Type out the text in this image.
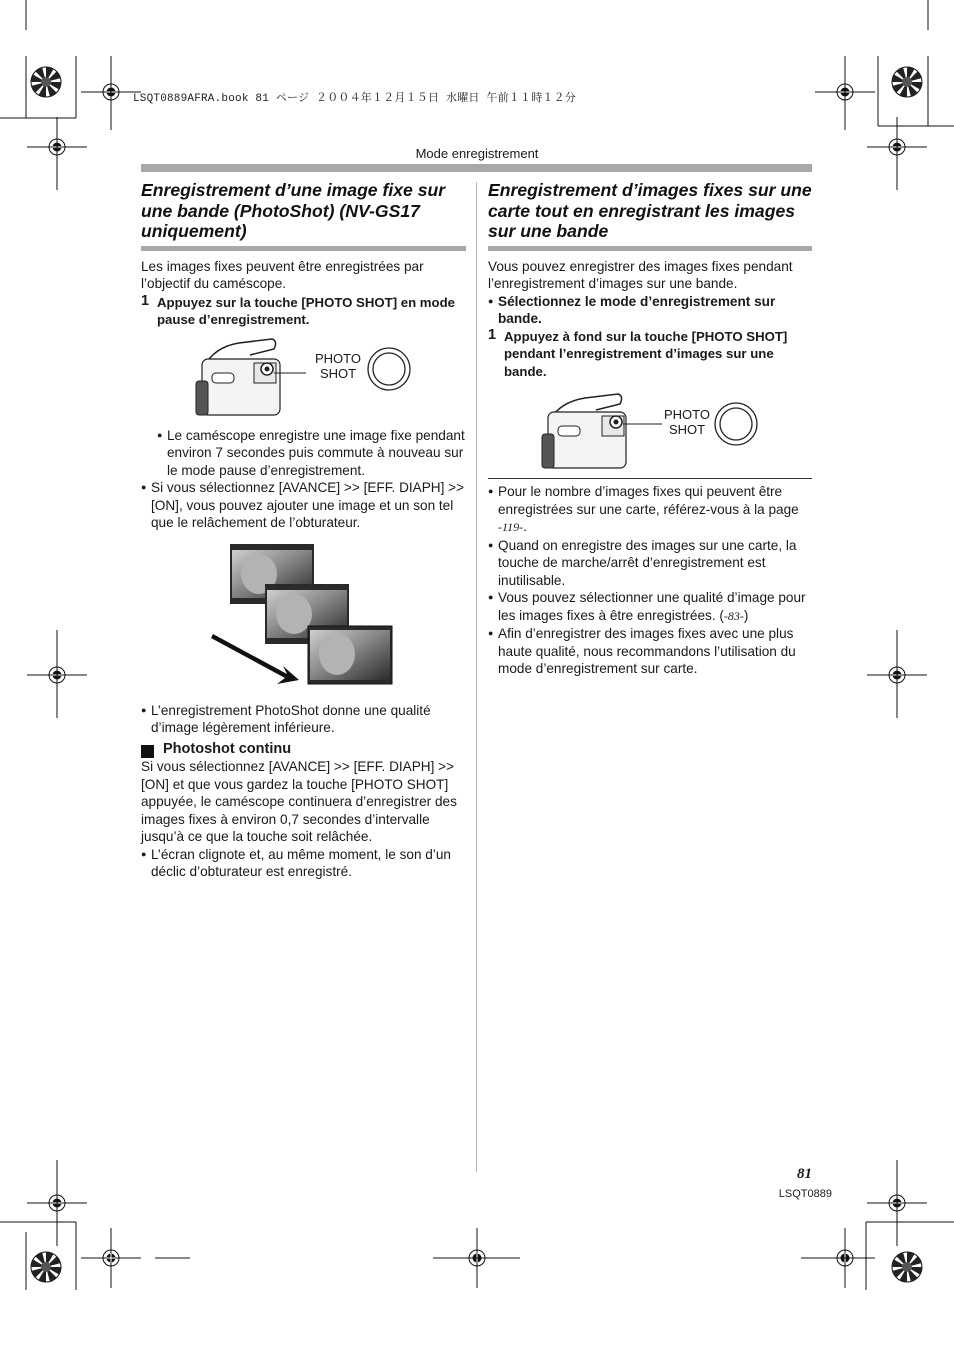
LSQT0889AFRA.book 81 ページ ２００４年１２月１５日 水曜日 午前１１時１２分
Mode enregistrement
Enregistrement d’une image fixe sur une bande (PhotoShot) (NV-GS17 uniquement)

Les images fixes peuvent être enregistrées par l’objectif du caméscope.

1 Appuyez sur la touche [PHOTO SHOT] en mode pause d’enregistrement.
PHOTO
SHOT
● Le caméscope enregistre une image fixe pendant environ 7 secondes puis commute à nouveau sur le mode pause d’enregistrement.
● Si vous sélectionnez [AVANCE] >> [EFF. DIAPH] >> [ON], vous pouvez ajouter une image et un son tel que le relâchement de l’obturateur.
● L’enregistrement PhotoShot donne une qualité d’image légèrement inférieure.
Photoshot continu

Si vous sélectionnez [AVANCE] >> [EFF. DIAPH] >> [ON] et que vous gardez la touche [PHOTO SHOT] appuyée, le caméscope continuera d’enregistrer des images fixes à environ 0,7 secondes d’intervalle jusqu’à ce que la touche soit relâchée.

● L’écran clignote et, au même moment, le son d’un déclic d’obturateur est enregistré.
Enregistrement d’images fixes sur une carte tout en enregistrant les images sur une bande

Vous pouvez enregistrer des images fixes pendant l’enregistrement d’images sur une bande.

● Sélectionnez le mode d’enregistrement sur bande.
1 Appuyez à fond sur la touche [PHOTO SHOT] pendant l’enregistrement d’images sur une bande.
PHOTO
SHOT
● Pour le nombre d’images fixes qui peuvent être enregistrées sur une carte, référez-vous à la page -119-.
● Quand on enregistre des images sur une carte, la touche de marche/arrêt d’enregistrement est inutilisable.
● Vous pouvez sélectionner une qualité d’image pour les images fixes à être enregistrées. (-83-)
● Afin d’enregistrer des images fixes avec une plus haute qualité, nous recommandons l’utilisation du mode d’enregistrement sur carte.
81
LSQT0889
